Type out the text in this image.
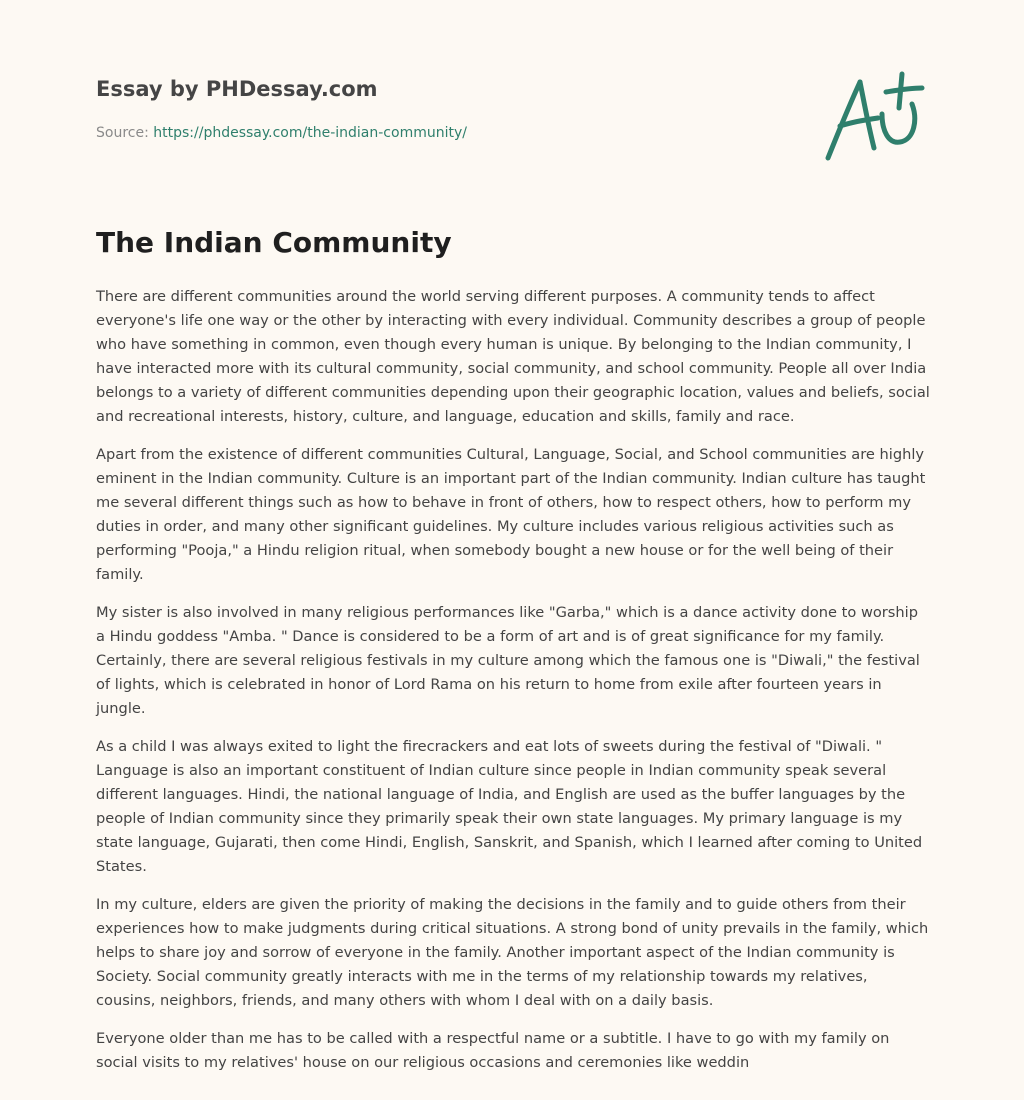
Essay by PHDessay.com
Source: https://phdessay.com/the-indian-community/
The Indian Community

There are different communities around the world serving different purposes. A community tends to affect everyone's life one way or the other by interacting with every individual. Community describes a group of people who have something in common, even though every human is unique. By belonging to the Indian community, I have interacted more with its cultural community, social community, and school community. People all over India belongs to a variety of different communities depending upon their geographic location, values and beliefs, social and recreational interests, history, culture, and language, education and skills, family and race.

Apart from the existence of different communities Cultural, Language, Social, and School communities are highly eminent in the Indian community. Culture is an important part of the Indian community. Indian culture has taught me several different things such as how to behave in front of others, how to respect others, how to perform my duties in order, and many other significant guidelines. My culture includes various religious activities such as performing "Pooja," a Hindu religion ritual, when somebody bought a new house or for the well being of their family.

My sister is also involved in many religious performances like "Garba," which is a dance activity done to worship a Hindu goddess "Amba. " Dance is considered to be a form of art and is of great significance for my family. Certainly, there are several religious festivals in my culture among which the famous one is "Diwali," the festival of lights, which is celebrated in honor of Lord Rama on his return to home from exile after fourteen years in jungle.

As a child I was always exited to light the firecrackers and eat lots of sweets during the festival of "Diwali. " Language is also an important constituent of Indian culture since people in Indian community speak several different languages. Hindi, the national language of India, and English are used as the buffer languages by the people of Indian community since they primarily speak their own state languages. My primary language is my state language, Gujarati, then come Hindi, English, Sanskrit, and Spanish, which I learned after coming to United States.

In my culture, elders are given the priority of making the decisions in the family and to guide others from their experiences how to make judgments during critical situations. A strong bond of unity prevails in the family, which helps to share joy and sorrow of everyone in the family. Another important aspect of the Indian community is Society. Social community greatly interacts with me in the terms of my relationship towards my relatives, cousins, neighbors, friends, and many others with whom I deal with on a daily basis.

Everyone older than me has to be called with a respectful name or a subtitle. I have to go with my family on social visits to my relatives' house on our religious occasions and ceremonies like weddin
